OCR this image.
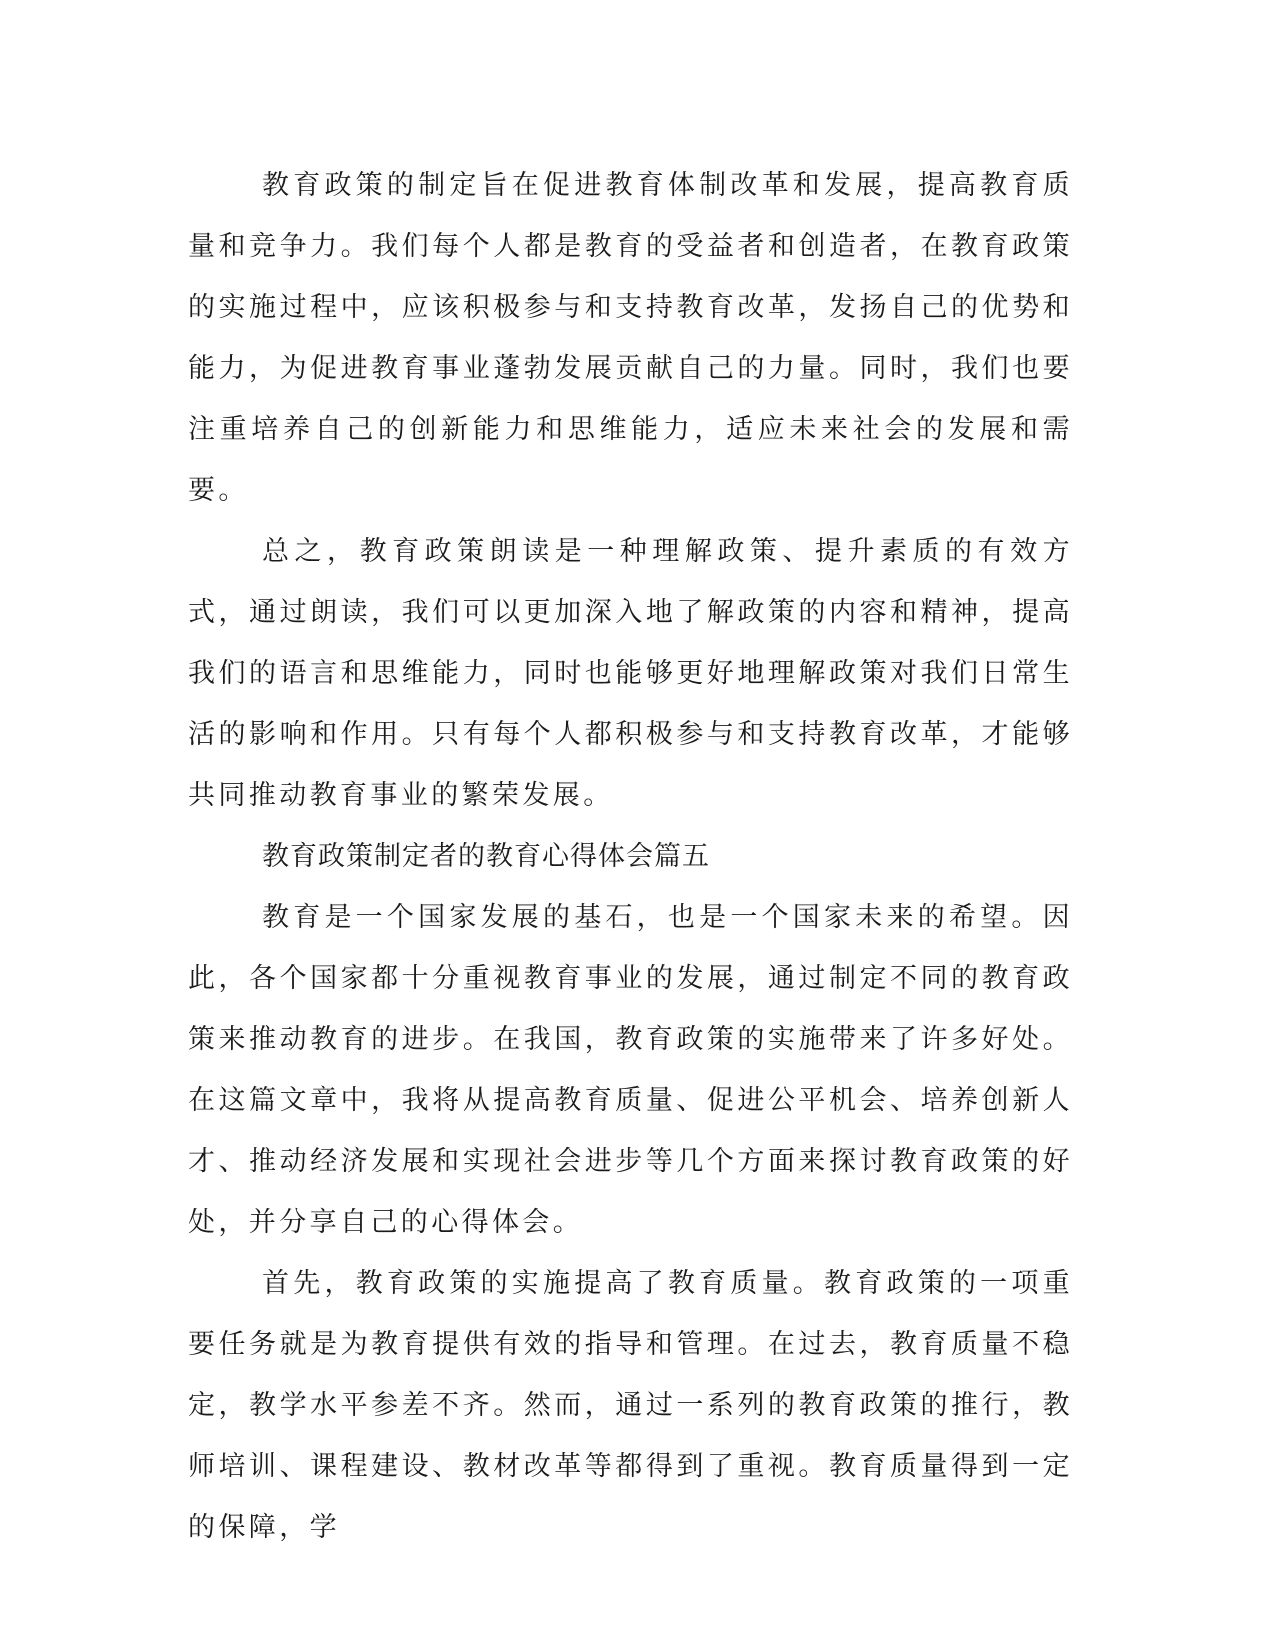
教育政策的制定旨在促进教育体制改革和发展，提高教育质量和竞争力。我们每个人都是教育的受益者和创造者，在教育政策的实施过程中，应该积极参与和支持教育改革，发扬自己的优势和能力，为促进教育事业蓬勃发展贡献自己的力量。同时，我们也要注重培养自己的创新能力和思维能力，适应未来社会的发展和需要。

总之，教育政策朗读是一种理解政策、提升素质的有效方式，通过朗读，我们可以更加深入地了解政策的内容和精神，提高我们的语言和思维能力，同时也能够更好地理解政策对我们日常生活的影响和作用。只有每个人都积极参与和支持教育改革，才能够共同推动教育事业的繁荣发展。

教育政策制定者的教育心得体会篇五

教育是一个国家发展的基石，也是一个国家未来的希望。因此，各个国家都十分重视教育事业的发展，通过制定不同的教育政策来推动教育的进步。在我国，教育政策的实施带来了许多好处。在这篇文章中，我将从提高教育质量、促进公平机会、培养创新人才、推动经济发展和实现社会进步等几个方面来探讨教育政策的好处，并分享自己的心得体会。

首先，教育政策的实施提高了教育质量。教育政策的一项重要任务就是为教育提供有效的指导和管理。在过去，教育质量不稳定，教学水平参差不齐。然而，通过一系列的教育政策的推行，教师培训、课程建设、教材改革等都得到了重视。教育质量得到一定的保障，学
